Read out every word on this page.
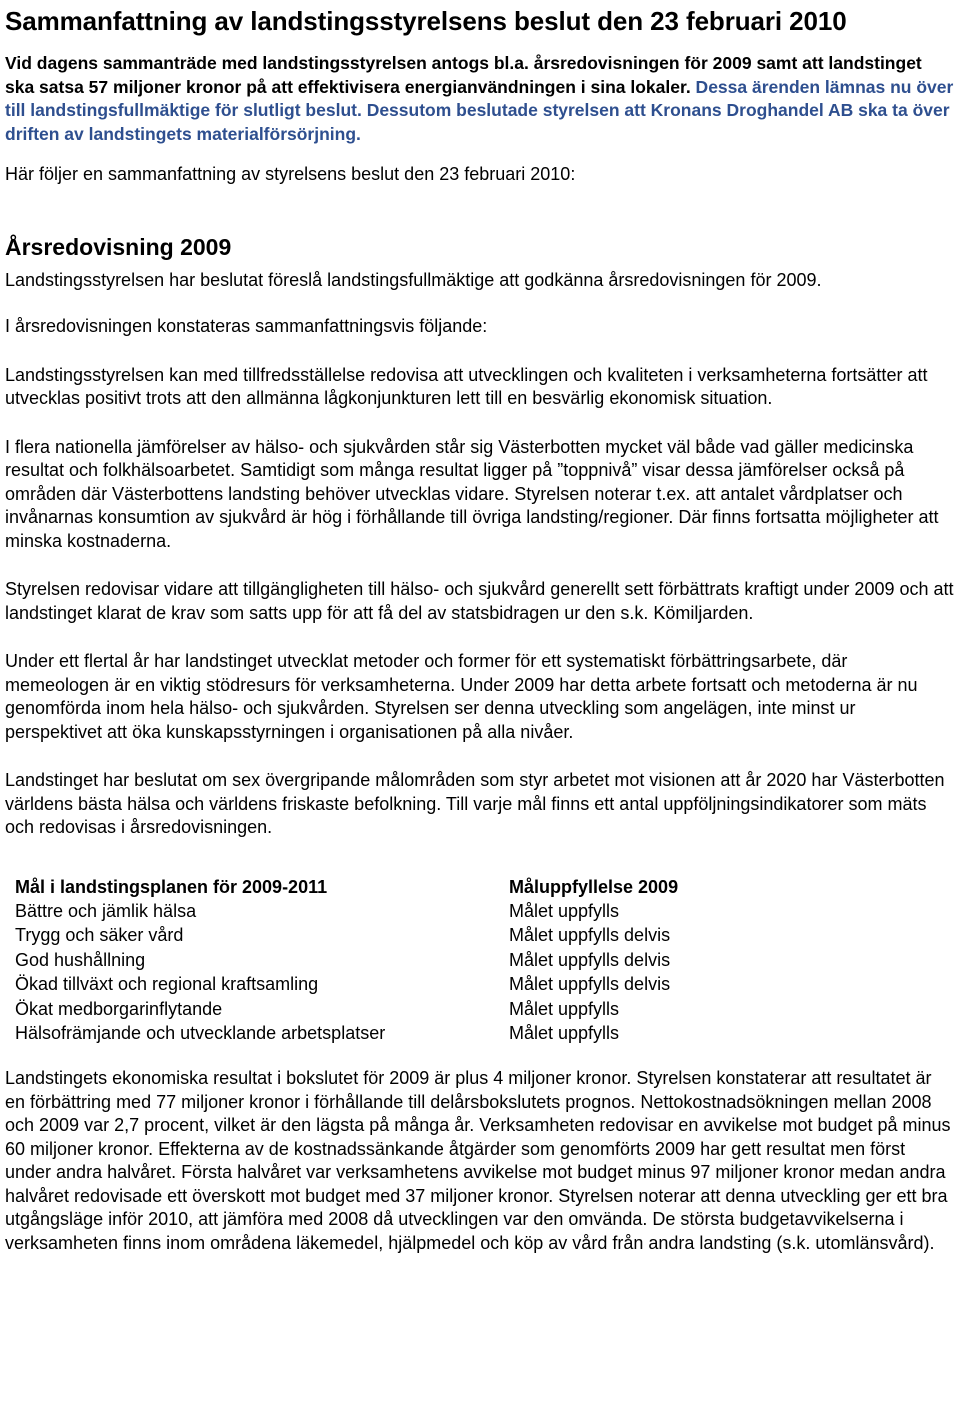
Sammanfattning av landstingsstyrelsens beslut den 23 februari 2010

Vid dagens sammanträde med landstingsstyrelsen antogs bl.a. årsredovisningen för 2009 samt att landstinget ska satsa 57 miljoner kronor på att effektivisera energianvändningen i sina lokaler. Dessa ärenden lämnas nu över till landstingsfullmäktige för slutligt beslut. Dessutom beslutade styrelsen att Kronans Droghandel AB ska ta över driften av landstingets materialförsörjning.

Här följer en sammanfattning av styrelsens beslut den 23 februari 2010:

Årsredovisning 2009

Landstingsstyrelsen har beslutat föreslå landstingsfullmäktige att godkänna årsredovisningen för 2009.

I årsredovisningen konstateras sammanfattningsvis följande:

Landstingsstyrelsen kan med tillfredsställelse redovisa att utvecklingen och kvaliteten i verksamheterna fortsätter att utvecklas positivt trots att den allmänna lågkonjunkturen lett till en besvärlig ekonomisk situation.

I flera nationella jämförelser av hälso- och sjukvården står sig Västerbotten mycket väl både vad gäller medicinska resultat och folkhälsoarbetet. Samtidigt som många resultat ligger på ”toppnivå” visar dessa jämförelser också på områden där Västerbottens landsting behöver utvecklas vidare. Styrelsen noterar t.ex. att antalet vårdplatser och invånarnas konsumtion av sjukvård är hög i förhållande till övriga landsting/regioner. Där finns fortsatta möjligheter att minska kostnaderna.

Styrelsen redovisar vidare att tillgängligheten till hälso- och sjukvård generellt sett förbättrats kraftigt under 2009 och att landstinget klarat de krav som satts upp för att få del av statsbidragen ur den s.k. Kömiljarden.

Under ett flertal år har landstinget utvecklat metoder och former för ett systematiskt förbättringsarbete, där memeologen är en viktig stödresurs för verksamheterna. Under 2009 har detta arbete fortsatt och metoderna är nu genomförda inom hela hälso- och sjukvården. Styrelsen ser denna utveckling som angelägen, inte minst ur perspektivet att öka kunskapsstyrningen i organisationen på alla nivåer.

Landstinget har beslutat om sex övergripande målområden som styr arbetet mot visionen att år 2020 har Västerbotten världens bästa hälsa och världens friskaste befolkning. Till varje mål finns ett antal uppföljningsindikatorer som mäts och redovisas i årsredovisningen.

Mål i landstingsplanen för 2009-2011	Måluppfyllelse 2009
Bättre och jämlik hälsa	Målet uppfylls
Trygg och säker vård	Målet uppfylls delvis
God hushållning	Målet uppfylls delvis
Ökad tillväxt och regional kraftsamling	Målet uppfylls delvis
Ökat medborgarinflytande	Målet uppfylls
Hälsofrämjande och utvecklande arbetsplatser	Målet uppfylls

Landstingets ekonomiska resultat i bokslutet för 2009 är plus 4 miljoner kronor. Styrelsen konstaterar att resultatet är en förbättring med 77 miljoner kronor i förhållande till delårsbokslutets prognos. Nettokostnadsökningen mellan 2008 och 2009 var 2,7 procent, vilket är den lägsta på många år. Verksamheten redovisar en avvikelse mot budget på minus 60 miljoner kronor. Effekterna av de kostnadssänkande åtgärder som genomförts 2009 har gett resultat men först under andra halvåret. Första halvåret var verksamhetens avvikelse mot budget minus 97 miljoner kronor medan andra halvåret redovisade ett överskott mot budget med 37 miljoner kronor. Styrelsen noterar att denna utveckling ger ett bra utgångsläge inför 2010, att jämföra med 2008 då utvecklingen var den omvända. De största budgetavvikelserna i verksamheten finns inom områdena läkemedel, hjälpmedel och köp av vård från andra landsting (s.k. utomlänsvård).
